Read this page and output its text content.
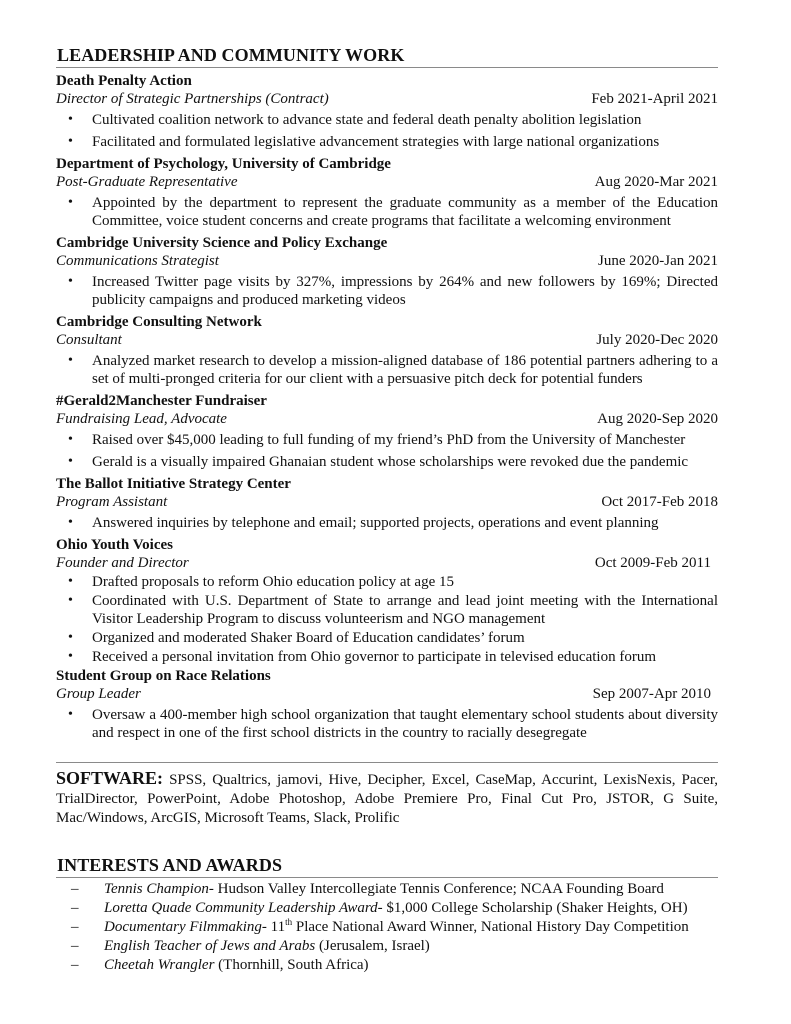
LEADERSHIP AND COMMUNITY WORK
Death Penalty Action
Director of Strategic Partnerships (Contract)	Feb 2021-April 2021
• Cultivated coalition network to advance state and federal death penalty abolition legislation
• Facilitated and formulated legislative advancement strategies with large national organizations
Department of Psychology, University of Cambridge
Post-Graduate Representative	Aug 2020-Mar 2021
• Appointed by the department to represent the graduate community as a member of the Education Committee, voice student concerns and create programs that facilitate a welcoming environment
Cambridge University Science and Policy Exchange
Communications Strategist	June 2020-Jan 2021
• Increased Twitter page visits by 327%, impressions by 264% and new followers by 169%; Directed publicity campaigns and produced marketing videos
Cambridge Consulting Network
Consultant	July 2020-Dec 2020
• Analyzed market research to develop a mission-aligned database of 186 potential partners adhering to a set of multi-pronged criteria for our client with a persuasive pitch deck for potential funders
#Gerald2Manchester Fundraiser
Fundraising Lead, Advocate	Aug 2020-Sep 2020
• Raised over $45,000 leading to full funding of my friend’s PhD from the University of Manchester
• Gerald is a visually impaired Ghanaian student whose scholarships were revoked due the pandemic
The Ballot Initiative Strategy Center
Program Assistant	Oct 2017-Feb 2018
• Answered inquiries by telephone and email; supported projects, operations and event planning
Ohio Youth Voices
Founder and Director	Oct 2009-Feb 2011
• Drafted proposals to reform Ohio education policy at age 15
• Coordinated with U.S. Department of State to arrange and lead joint meeting with the International Visitor Leadership Program to discuss volunteerism and NGO management
• Organized and moderated Shaker Board of Education candidates’ forum
• Received a personal invitation from Ohio governor to participate in televised education forum
Student Group on Race Relations
Group Leader	Sep 2007-Apr 2010
• Oversaw a 400-member high school organization that taught elementary school students about diversity and respect in one of the first school districts in the country to racially desegregate
SOFTWARE: SPSS, Qualtrics, jamovi, Hive, Decipher, Excel, CaseMap, Accurint, LexisNexis, Pacer, TrialDirector, PowerPoint, Adobe Photoshop, Adobe Premiere Pro, Final Cut Pro, JSTOR, G Suite, Mac/Windows, ArcGIS, Microsoft Teams, Slack, Prolific
INTERESTS AND AWARDS
– Tennis Champion- Hudson Valley Intercollegiate Tennis Conference; NCAA Founding Board
– Loretta Quade Community Leadership Award- $1,000 College Scholarship (Shaker Heights, OH)
– Documentary Filmmaking- 11th Place National Award Winner, National History Day Competition
– English Teacher of Jews and Arabs (Jerusalem, Israel)
– Cheetah Wrangler (Thornhill, South Africa)
